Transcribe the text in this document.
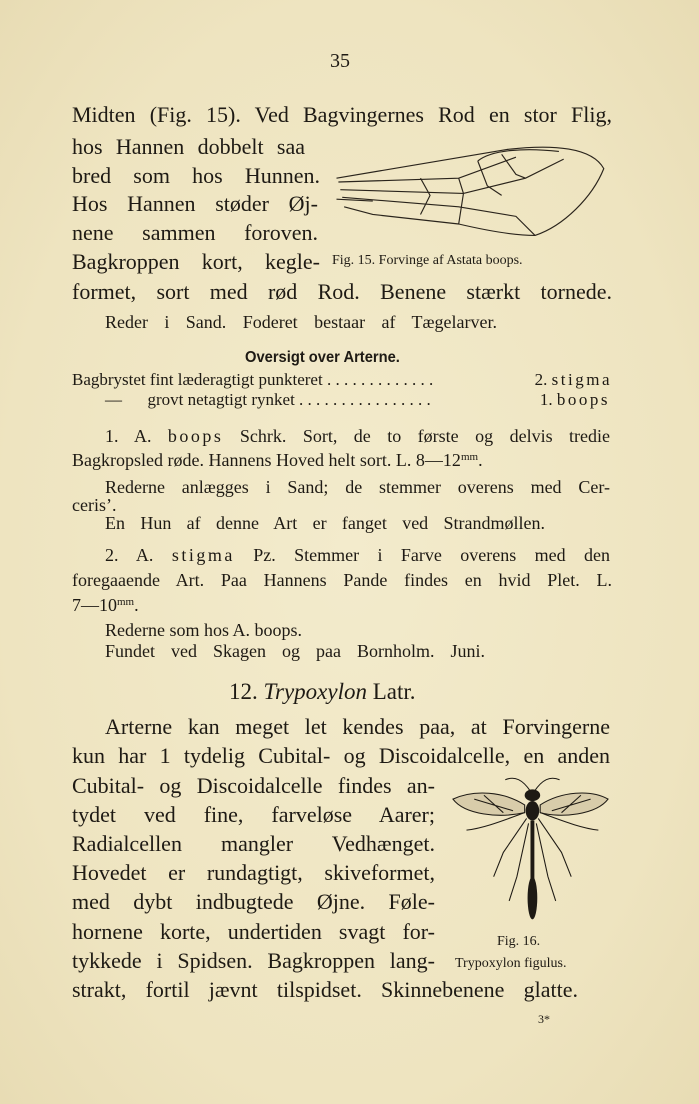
35
Midten (Fig. 15). Ved Bagvingernes Rod en stor Flig,
hos Hannen dobbelt saa
bred som hos Hunnen.
Hos Hannen støder Øj-
nene sammen foroven.
Bagkroppen kort, kegle-
formet, sort med rød Rod. Benene stærkt tornede.
Fig. 15. Forvinge af Astata boops.
Reder i Sand. Foderet bestaar af Tægelarver.
Oversigt over Arterne.
Bagbrystet fint læderagtigt punkteret . . . . . . . . . . . . .	2. stigma
—      grovt netagtigt rynket . . . . . . . . . . . . . . . .	1. boops
1. A. boops Schrk. Sort, de to første og delvis tredie
Bagkropsled røde. Hannens Hoved helt sort. L. $8—12^{mm}$.
Rederne anlægges i Sand; de stemmer overens med Cer-
ceris’.
En Hun af denne Art er fanget ved Strandmøllen.
2. A. stigma Pz. Stemmer i Farve overens med den
foregaaende Art. Paa Hannens Pande findes en hvid Plet. L.
$7—10^{mm}$.
Rederne som hos A. boops.
Fundet ved Skagen og paa Bornholm. Juni.
12. Trypoxylon Latr.
Arterne kan meget let kendes paa, at Forvingerne
kun har 1 tydelig Cubital- og Discoidalcelle, en anden
Cubital- og Discoidalcelle findes an-
tydet ved fine, farveløse Aarer;
Radialcellen mangler Vedhænget.
Hovedet er rundagtigt, skiveformet,
med dybt indbugtede Øjne. Føle-
hornene korte, undertiden svagt for-
tykkede i Spidsen. Bagkroppen lang-
strakt, fortil jævnt tilspidset. Skinnebenene glatte.
Fig. 16.
Trypoxylon figulus.
3*
